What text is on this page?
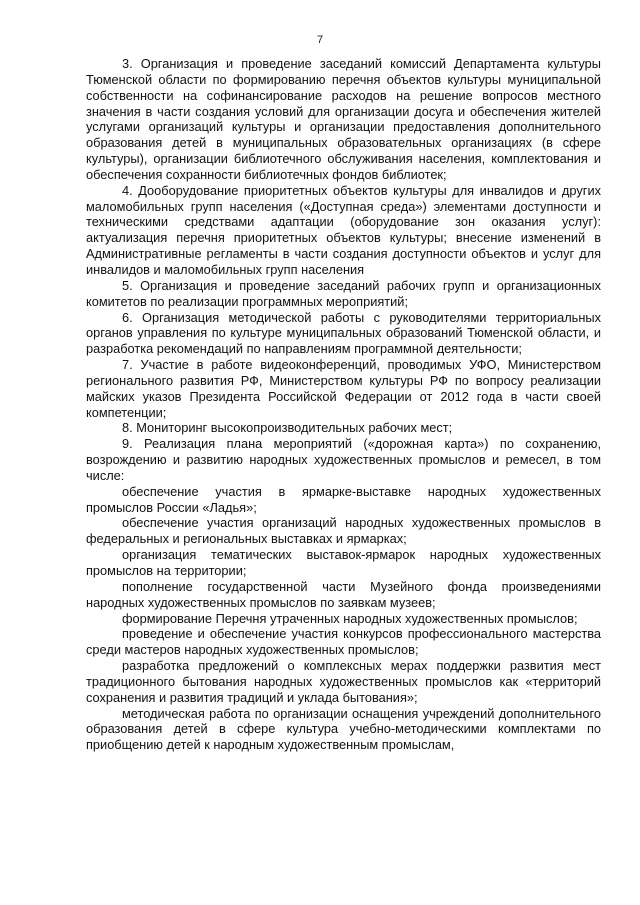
7

3. Организация и проведение заседаний комиссий Департамента культуры Тюменской области по формированию перечня объектов культуры муниципальной собственности на софинансирование расходов на решение вопросов местного значения в части создания условий для организации досуга и обеспечения жителей услугами организаций культуры и организации предоставления дополнительного образования детей в муниципальных образовательных организациях (в сфере культуры), организации библиотечного обслуживания населения, комплектования и обеспечения сохранности библиотечных фондов библиотек;

4. Дооборудование приоритетных объектов культуры для инвалидов и других маломобильных групп населения («Доступная среда») элементами доступности и техническими средствами адаптации (оборудование зон оказания услуг): актуализация перечня приоритетных объектов культуры; внесение изменений в Административные регламенты в части создания доступности объектов и услуг для инвалидов и маломобильных групп населения

5. Организация и проведение заседаний рабочих групп и организационных комитетов по реализации программных мероприятий;

6. Организация методической работы с руководителями территориальных органов управления по культуре муниципальных образований Тюменской области, и разработка рекомендаций по направлениям программной деятельности;

7. Участие в работе видеоконференций, проводимых УФО, Министерством регионального развития РФ, Министерством культуры РФ по вопросу реализации майских указов Президента Российской Федерации от 2012 года в части своей компетенции;

8. Мониторинг высокопроизводительных рабочих мест;

9. Реализация плана мероприятий («дорожная карта») по сохранению, возрождению и развитию народных художественных промыслов и ремесел, в том числе:

обеспечение участия в ярмарке-выставке народных художественных промыслов России «Ладья»;

обеспечение участия организаций народных художественных промыслов в федеральных и региональных выставках и ярмарках;

организация тематических выставок-ярмарок народных художественных промыслов на территории;

пополнение государственной части Музейного фонда произведениями народных художественных промыслов по заявкам музеев;

формирование Перечня утраченных народных художественных промыслов;

проведение и обеспечение участия конкурсов профессионального мастерства среди мастеров народных художественных промыслов;

разработка предложений о комплексных мерах поддержки развития мест традиционного бытования народных художественных промыслов как «территорий сохранения и развития традиций и уклада бытования»;

методическая работа по организации оснащения учреждений дополнительного образования детей в сфере культура учебно-методическими комплектами по приобщению детей к народным художественным промыслам,
